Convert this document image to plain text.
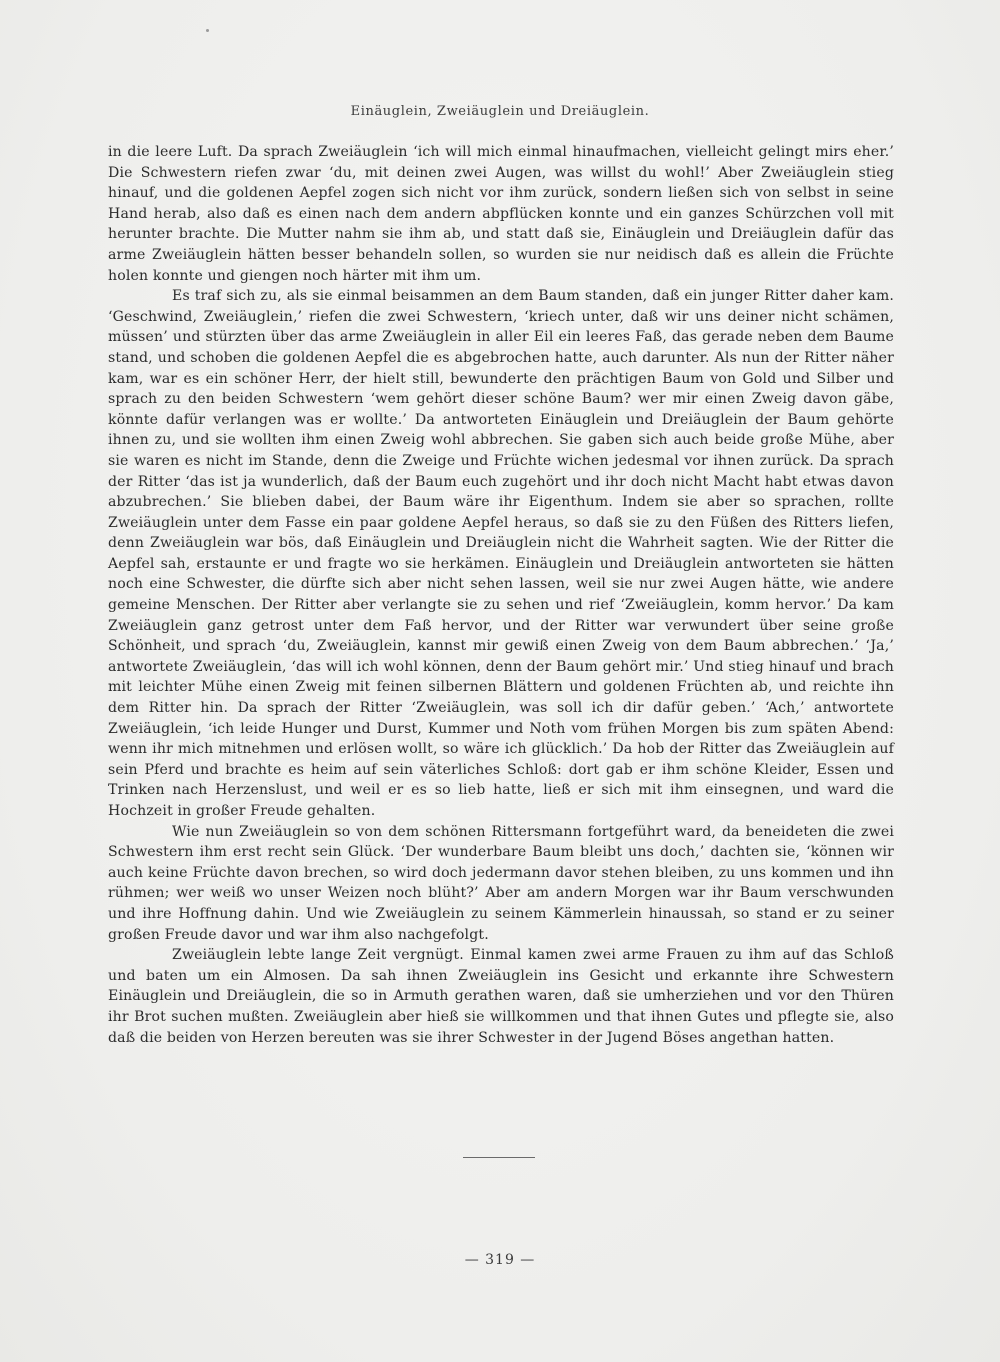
Einäuglein, Zweiäuglein und Dreiäuglein.

in die leere Luft. Da sprach Zweiäuglein ‘ich will mich einmal hinaufmachen, vielleicht gelingt mirs eher.’ Die Schwestern riefen zwar ‘du, mit deinen zwei Augen, was willst du wohl!’ Aber Zweiäuglein stieg hinauf, und die goldenen Aepfel zogen sich nicht vor ihm zurück, sondern ließen sich von selbst in seine Hand herab, also daß es einen nach dem andern abpflücken konnte und ein ganzes Schürzchen voll mit herunter brachte. Die Mutter nahm sie ihm ab, und statt daß sie, Einäuglein und Dreiäuglein dafür das arme Zweiäuglein hätten besser behandeln sollen, so wurden sie nur neidisch daß es allein die Früchte holen konnte und giengen noch härter mit ihm um.

Es traf sich zu, als sie einmal beisammen an dem Baum standen, daß ein junger Ritter daher kam. ‘Geschwind, Zweiäuglein,’ riefen die zwei Schwestern, ‘kriech unter, daß wir uns deiner nicht schämen, müssen’ und stürzten über das arme Zweiäuglein in aller Eil ein leeres Faß, das gerade neben dem Baume stand, und schoben die goldenen Aepfel die es abgebrochen hatte, auch darunter. Als nun der Ritter näher kam, war es ein schöner Herr, der hielt still, bewunderte den prächtigen Baum von Gold und Silber und sprach zu den beiden Schwestern ‘wem gehört dieser schöne Baum? wer mir einen Zweig davon gäbe, könnte dafür verlangen was er wollte.’ Da antworteten Einäuglein und Dreiäuglein der Baum gehörte ihnen zu, und sie wollten ihm einen Zweig wohl abbrechen. Sie gaben sich auch beide große Mühe, aber sie waren es nicht im Stande, denn die Zweige und Früchte wichen jedesmal vor ihnen zurück. Da sprach der Ritter ‘das ist ja wunderlich, daß der Baum euch zugehört und ihr doch nicht Macht habt etwas davon abzubrechen.’ Sie blieben dabei, der Baum wäre ihr Eigenthum. Indem sie aber so sprachen, rollte Zweiäuglein unter dem Fasse ein paar goldene Aepfel heraus, so daß sie zu den Füßen des Ritters liefen, denn Zweiäuglein war bös, daß Einäuglein und Dreiäuglein nicht die Wahrheit sagten. Wie der Ritter die Aepfel sah, erstaunte er und fragte wo sie herkämen. Einäuglein und Dreiäuglein antworteten sie hätten noch eine Schwester, die dürfte sich aber nicht sehen lassen, weil sie nur zwei Augen hätte, wie andere gemeine Menschen. Der Ritter aber verlangte sie zu sehen und rief ‘Zweiäuglein, komm hervor.’ Da kam Zweiäuglein ganz getrost unter dem Faß hervor, und der Ritter war verwundert über seine große Schönheit, und sprach ‘du, Zweiäuglein, kannst mir gewiß einen Zweig von dem Baum abbrechen.’ ‘Ja,’ antwortete Zweiäuglein, ‘das will ich wohl können, denn der Baum gehört mir.’ Und stieg hinauf und brach mit leichter Mühe einen Zweig mit feinen silbernen Blättern und goldenen Früchten ab, und reichte ihn dem Ritter hin. Da sprach der Ritter ‘Zweiäuglein, was soll ich dir dafür geben.’ ‘Ach,’ antwortete Zweiäuglein, ‘ich leide Hunger und Durst, Kummer und Noth vom frühen Morgen bis zum späten Abend: wenn ihr mich mitnehmen und erlösen wollt, so wäre ich glücklich.’ Da hob der Ritter das Zweiäuglein auf sein Pferd und brachte es heim auf sein väterliches Schloß: dort gab er ihm schöne Kleider, Essen und Trinken nach Herzenslust, und weil er es so lieb hatte, ließ er sich mit ihm einsegnen, und ward die Hochzeit in großer Freude gehalten.

Wie nun Zweiäuglein so von dem schönen Rittersmann fortgeführt ward, da beneideten die zwei Schwestern ihm erst recht sein Glück. ‘Der wunderbare Baum bleibt uns doch,’ dachten sie, ‘können wir auch keine Früchte davon brechen, so wird doch jedermann davor stehen bleiben, zu uns kommen und ihn rühmen; wer weiß wo unser Weizen noch blüht?’ Aber am andern Morgen war ihr Baum verschwunden und ihre Hoffnung dahin. Und wie Zweiäuglein zu seinem Kämmerlein hinaussah, so stand er zu seiner großen Freude davor und war ihm also nachgefolgt.

Zweiäuglein lebte lange Zeit vergnügt. Einmal kamen zwei arme Frauen zu ihm auf das Schloß und baten um ein Almosen. Da sah ihnen Zweiäuglein ins Gesicht und erkannte ihre Schwestern Einäuglein und Dreiäuglein, die so in Armuth gerathen waren, daß sie umherziehen und vor den Thüren ihr Brot suchen mußten. Zweiäuglein aber hieß sie willkommen und that ihnen Gutes und pflegte sie, also daß die beiden von Herzen bereuten was sie ihrer Schwester in der Jugend Böses angethan hatten.

— 319 —
